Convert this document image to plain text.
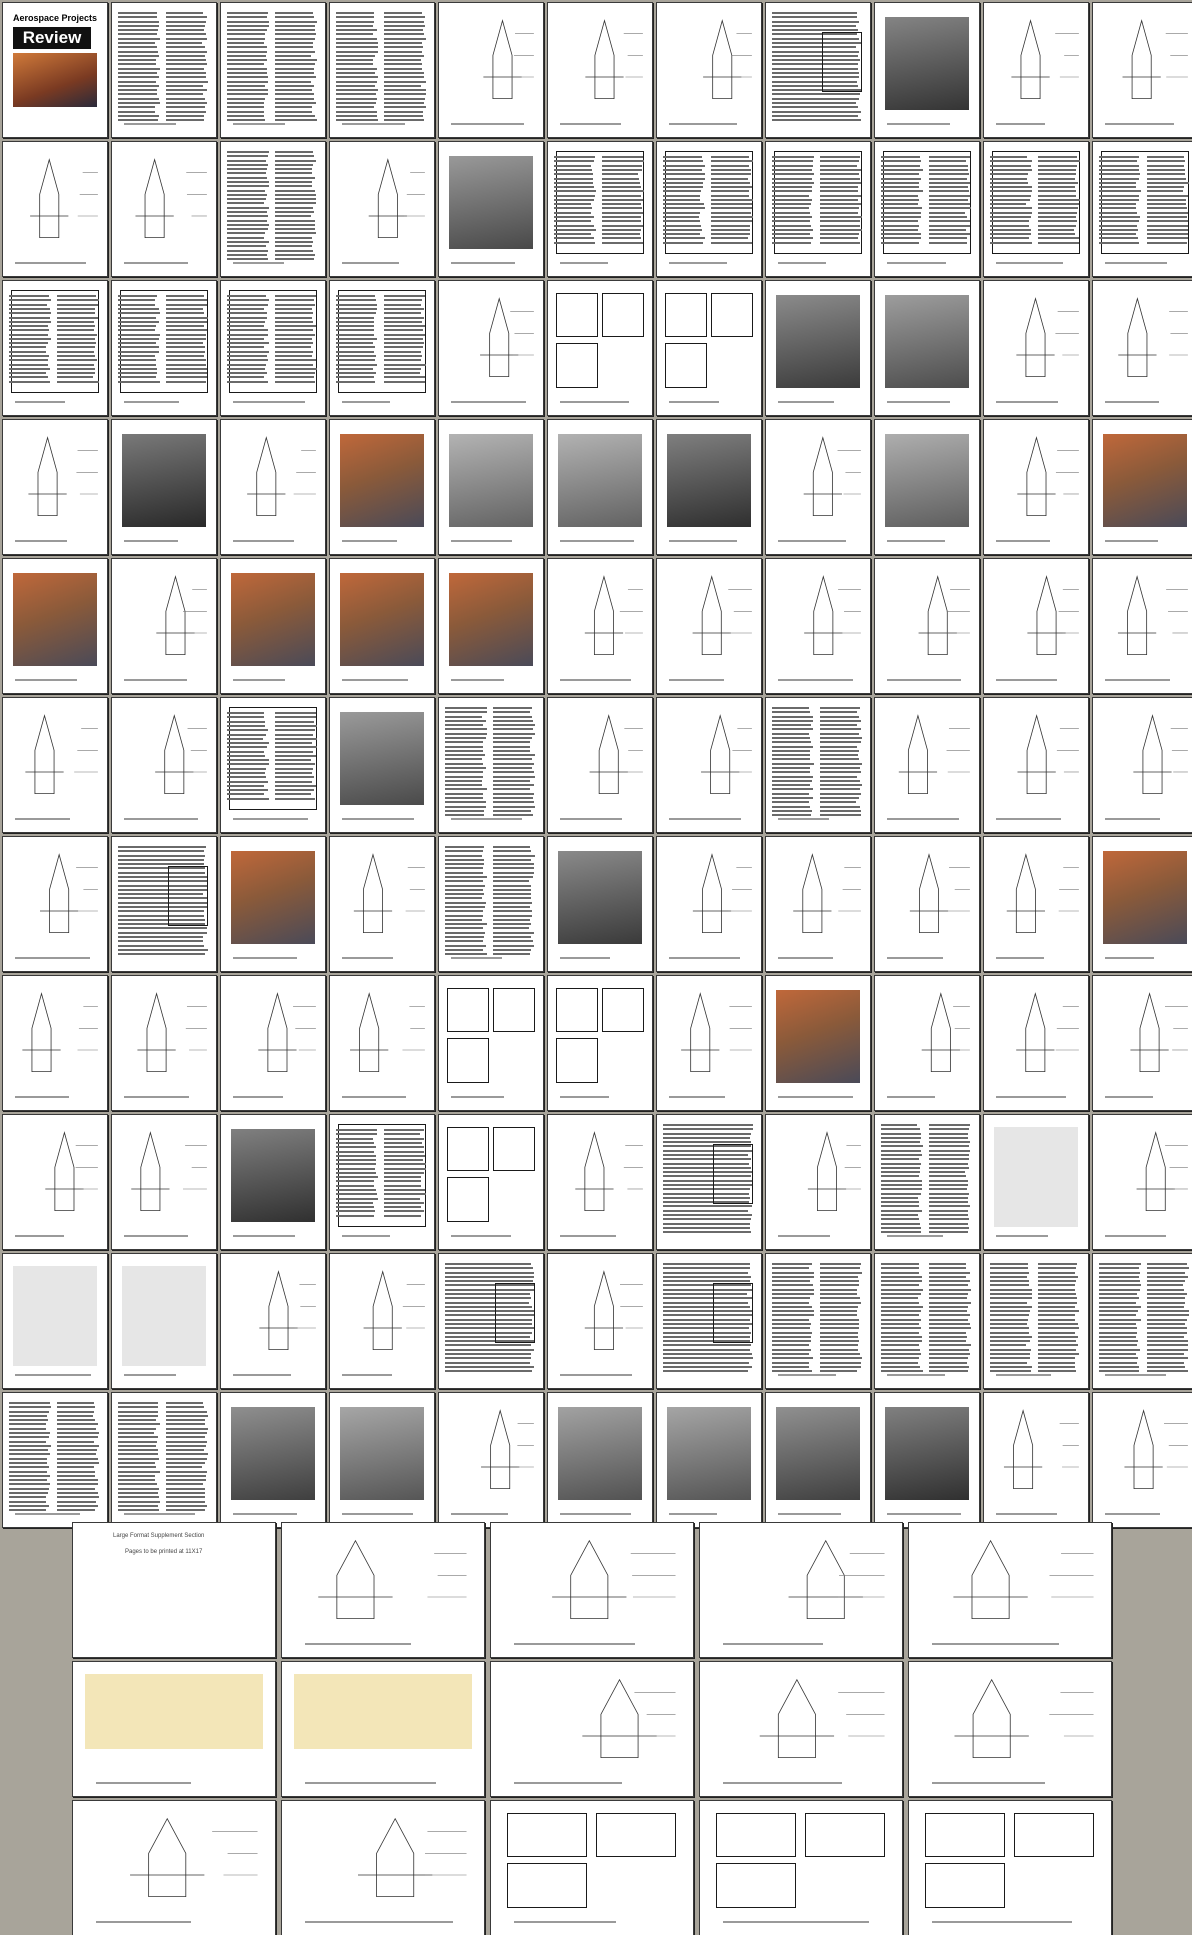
Aerospace Projects
Review
Large Format Supplement Section
Pages to be printed at 11X17
